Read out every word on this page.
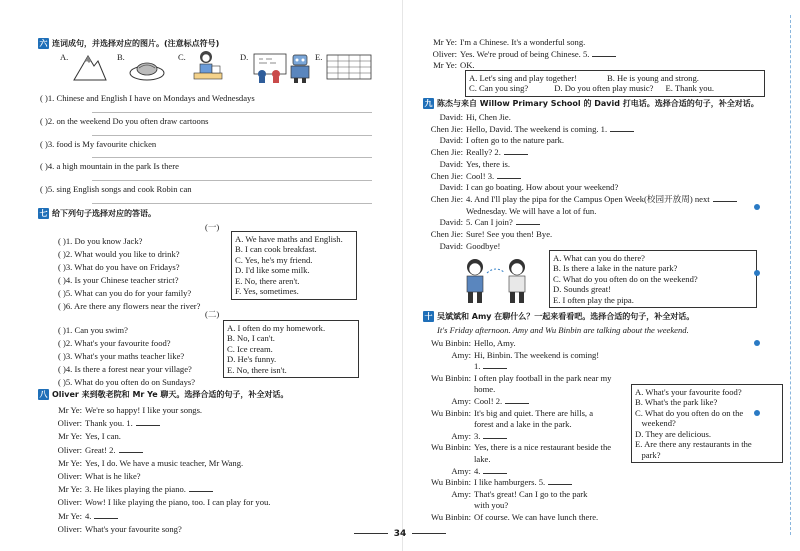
六 连词成句，并选择对应的图片。(注意标点符号)
A.	B.	C.	D.	E.
( )1. Chinese and English I have on Mondays and Wednesdays
( )2. on the weekend Do you often draw cartoons
( )3. food is My favourite chicken
( )4. a high mountain in the park Is there
( )5. sing English songs and cook Robin can
七 给下列句子选择对应的答语。
(一)
( )1. Do you know Jack?
( )2. What would you like to drink?
( )3. What do you have on Fridays?
( )4. Is your Chinese teacher strict?
( )5. What can you do for your family?
( )6. Are there any flowers near the river?
A. We have maths and English.
B. I can cook breakfast.
C. Yes, he's my friend.
D. I'd like some milk.
E. No, there aren't.
F. Yes, sometimes.
(二)
( )1. Can you swim?
( )2. What's your favourite food?
( )3. What's your maths teacher like?
( )4. Is there a forest near your village?
( )5. What do you often do on Sundays?
A. I often do my homework.
B. No, I can't.
C. Ice cream.
D. He's funny.
E. No, there isn't.
八 Oliver 来到敬老院和 Mr Ye 聊天。选择合适的句子，补全对话。
Mr Ye: We're so happy! I like your songs.
Oliver: Thank you. 1.
Mr Ye: Yes, I can.
Oliver: Great! 2.
Mr Ye: Yes, I do. We have a music teacher, Mr Wang.
Oliver: What is he like?
Mr Ye: 3. He likes playing the piano.
Oliver: Wow! I like playing the piano, too. I can play for you.
Mr Ye: 4.
Oliver: What's your favourite song?
Mr Ye: I'm a Chinese. It's a wonderful song.
Oliver: Yes. We're proud of being Chinese. 5.
Mr Ye: OK.
A. Let's sing and play together!	B. He is young and strong.
C. Can you sing?	D. Do you often play music? E. Thank you.
九 陈杰与来自 Willow Primary School 的 David 打电话。选择合适的句子，补全对话。
David: Hi, Chen Jie.
Chen Jie: Hello, David. The weekend is coming. 1.
David: I often go to the nature park.
Chen Jie: Really? 2.
David: Yes, there is.
Chen Jie: Cool! 3.
David: I can go boating. How about your weekend?
Chen Jie: 4. And I'll play the pipa for the Campus Open Week(校园开放周) next
Wednesday. We will have a lot of fun.
David: 5. Can I join?
Chen Jie: Sure! See you then! Bye.
David: Goodbye!
A. What can you do there?
B. Is there a lake in the nature park?
C. What do you often do on the weekend?
D. Sounds great!
E. I often play the pipa.
十 吴斌斌和 Amy 在聊什么？一起来看看吧。选择合适的句子，补全对话。
It's Friday afternoon. Amy and Wu Binbin are talking about the weekend.
Wu Binbin: Hello, Amy.
Amy: Hi, Binbin. The weekend is coming!
1.
Wu Binbin: I often play football in the park near my
home.
Amy: Cool! 2.
Wu Binbin: It's big and quiet. There are hills, a
forest and a lake in the park.
Amy: 3.
Wu Binbin: Yes, there is a nice restaurant beside the
lake.
Amy: 4.
Wu Binbin: I like hamburgers. 5.
Amy: That's great! Can I go to the park
with you?
Wu Binbin: Of course. We can have lunch there.
A. What's your favourite food?
B. What's the park like?
C. What do you often do on the
weekend?
D. They are delicious.
E. Are there any restaurants in the
park?
34
